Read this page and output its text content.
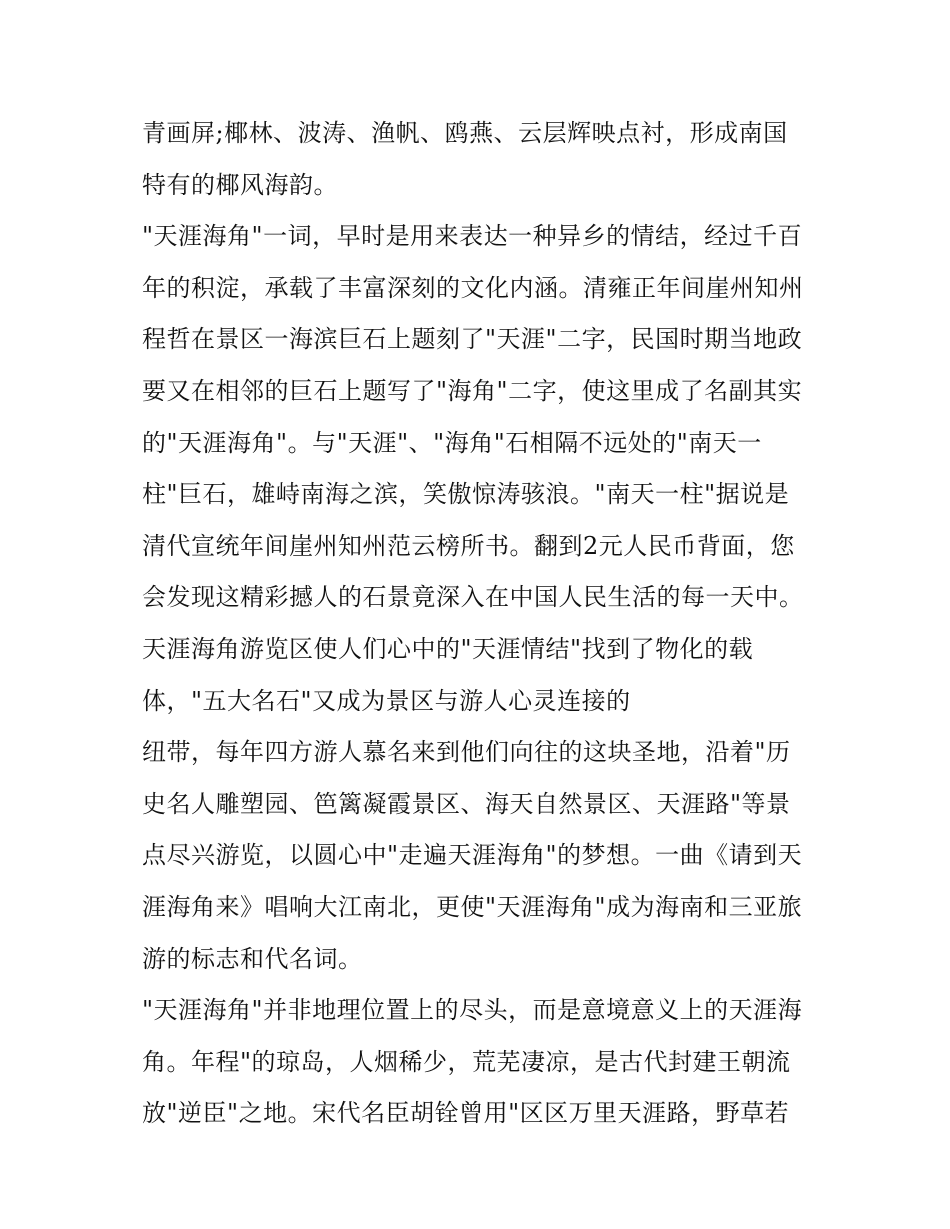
青画屏;椰林、波涛、渔帆、鸥燕、云层辉映点衬，形成南国
特有的椰风海韵。
"天涯海角"一词，早时是用来表达一种异乡的情结，经过千百
年的积淀，承载了丰富深刻的文化内涵。清雍正年间崖州知州
程哲在景区一海滨巨石上题刻了"天涯"二字，民国时期当地政
要又在相邻的巨石上题写了"海角"二字，使这里成了名副其实
的"天涯海角"。与"天涯"、"海角"石相隔不远处的"南天一
柱"巨石，雄峙南海之滨，笑傲惊涛骇浪。"南天一柱"据说是
清代宣统年间崖州知州范云榜所书。翻到2元人民币背面，您
会发现这精彩撼人的石景竟深入在中国人民生活的每一天中。
天涯海角游览区使人们心中的"天涯情结"找到了物化的载
体，"五大名石"又成为景区与游人心灵连接的
纽带，每年四方游人慕名来到他们向往的这块圣地，沿着"历
史名人雕塑园、笆篱凝霞景区、海天自然景区、天涯路"等景
点尽兴游览，以圆心中"走遍天涯海角"的梦想。一曲《请到天
涯海角来》唱响大江南北，更使"天涯海角"成为海南和三亚旅
游的标志和代名词。
"天涯海角"并非地理位置上的尽头，而是意境意义上的天涯海
角。年程"的琼岛，人烟稀少，荒芜凄凉，是古代封建王朝流
放"逆臣"之地。宋代名臣胡铨曾用"区区万里天涯路，野草若
